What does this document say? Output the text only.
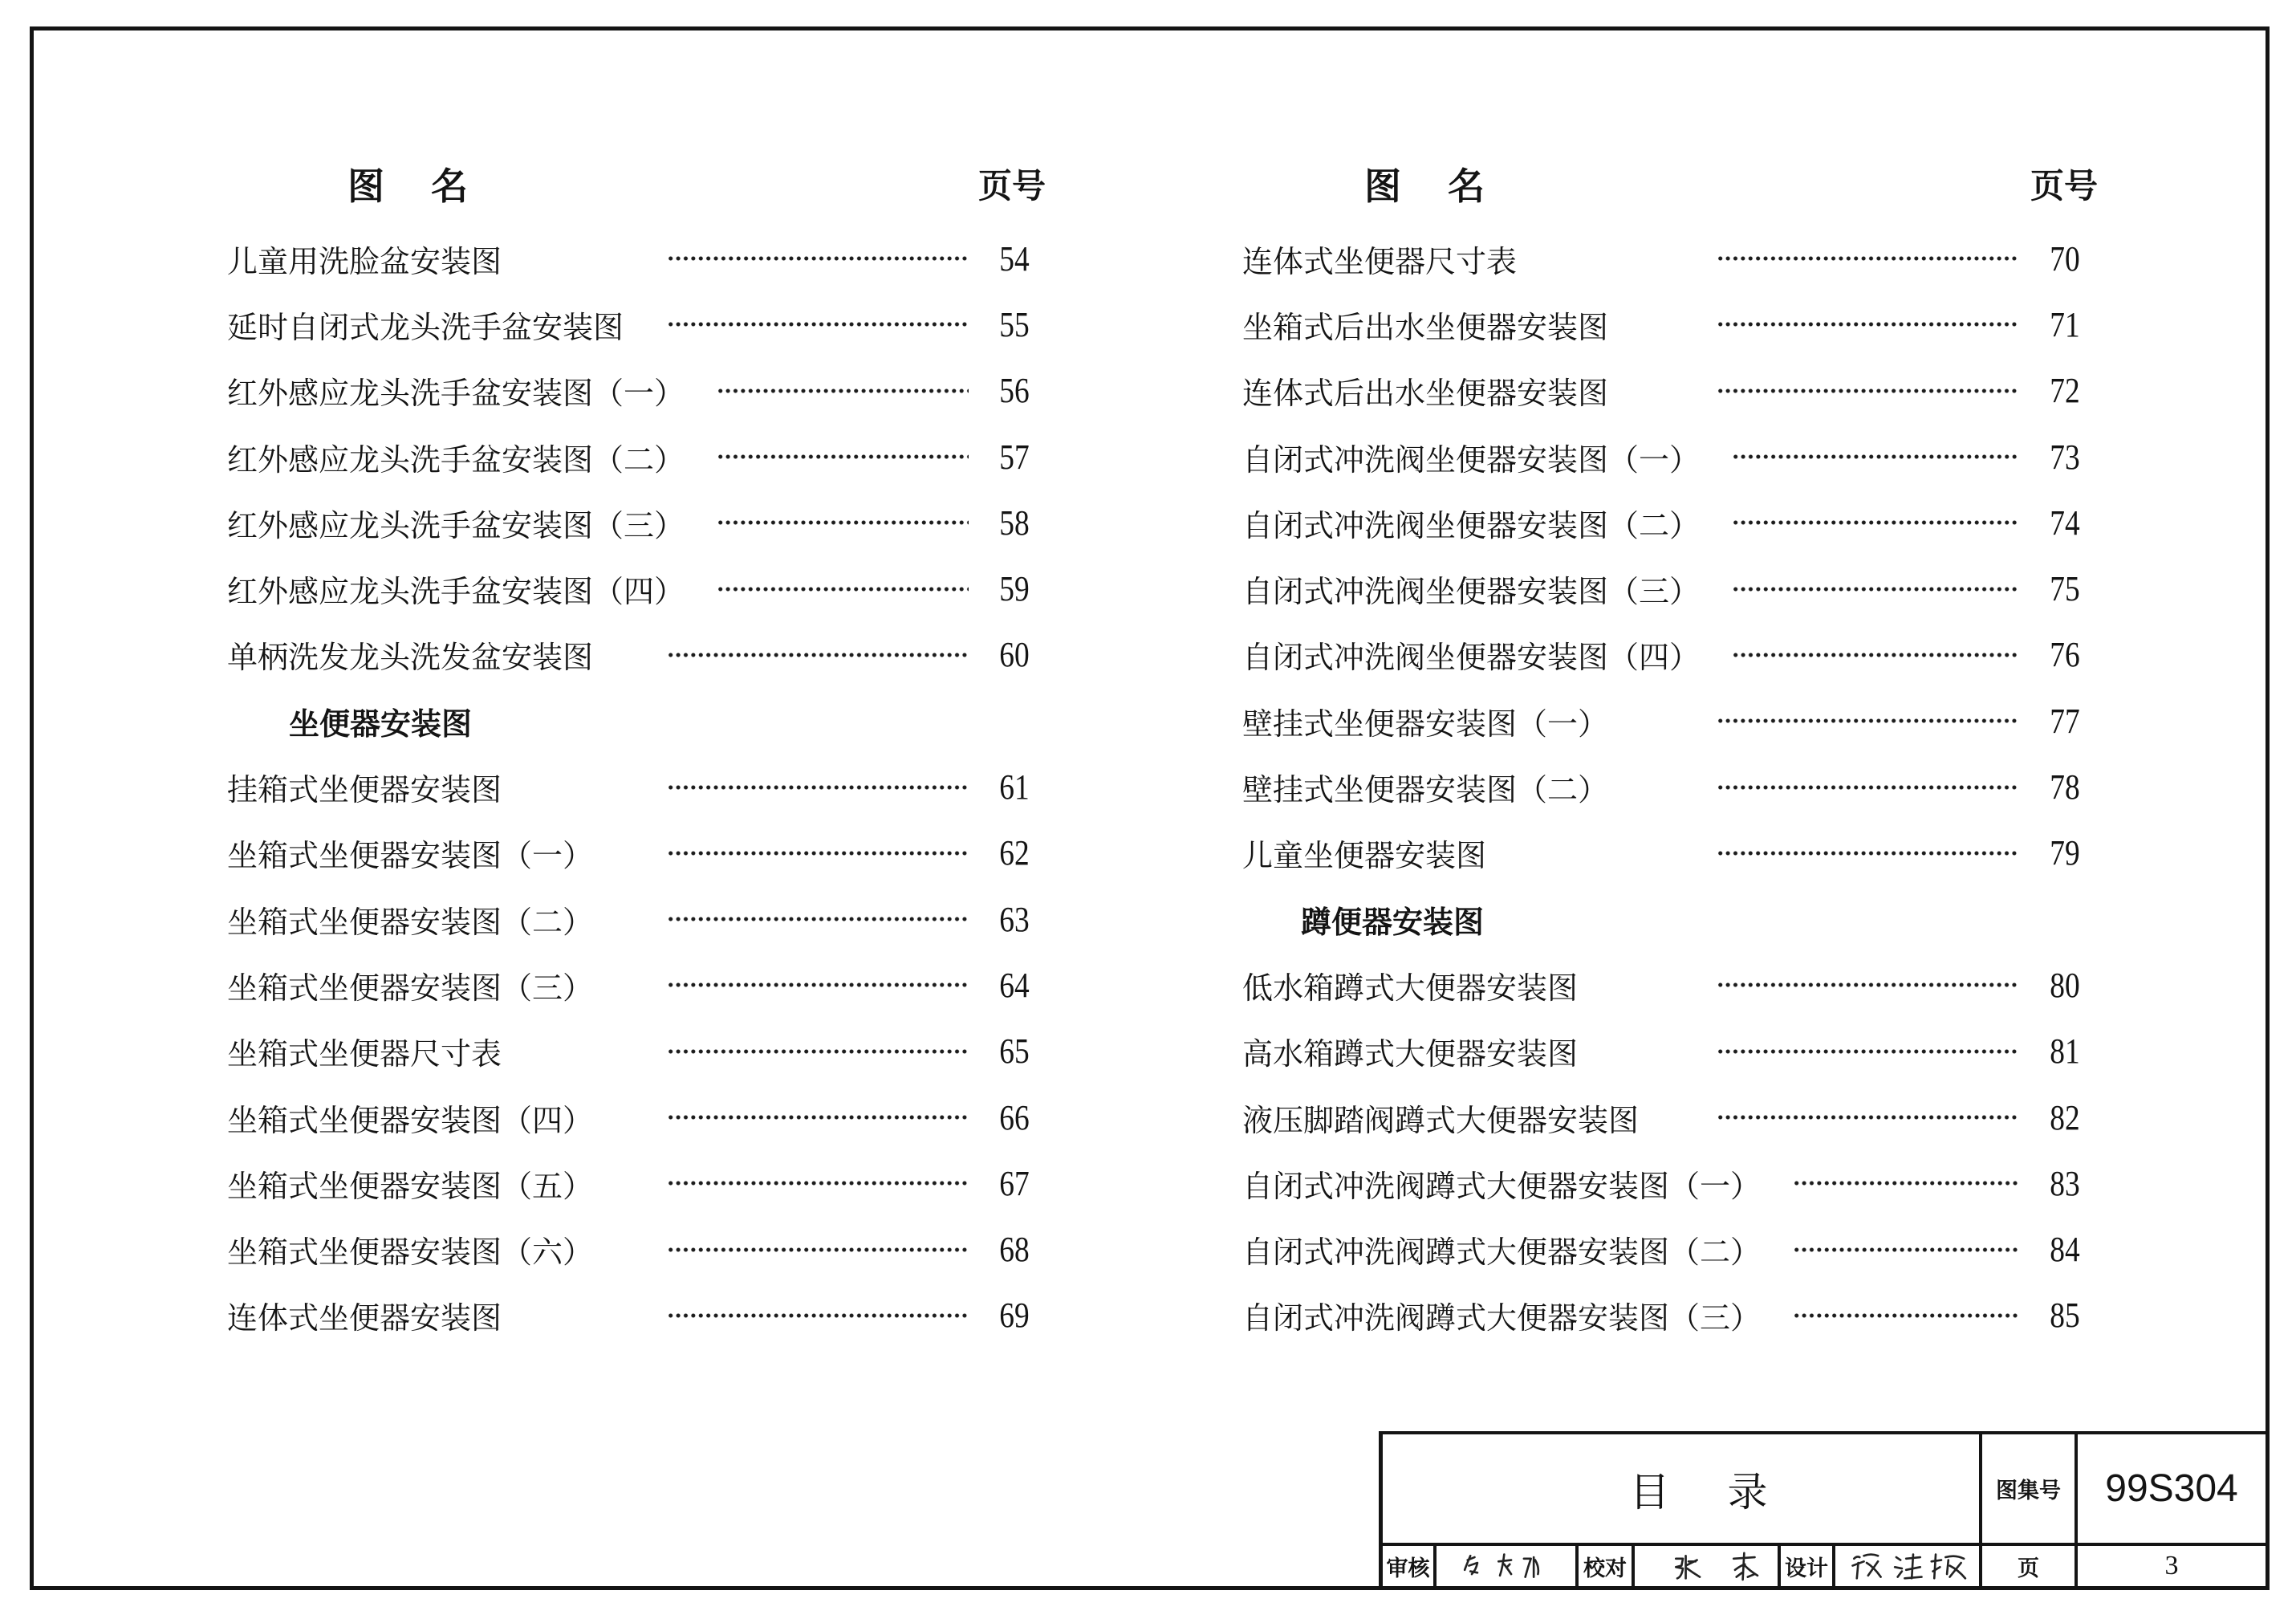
图 名	页号	图 名	页号
儿童用洗脸盆安装图	54
延时自闭式龙头洗手盆安装图	55
红外感应龙头洗手盆安装图（一）	56
红外感应龙头洗手盆安装图（二）	57
红外感应龙头洗手盆安装图（三）	58
红外感应龙头洗手盆安装图（四）	59
单柄洗发龙头洗发盆安装图	60
坐便器安装图
挂箱式坐便器安装图	61
坐箱式坐便器安装图（一）	62
坐箱式坐便器安装图（二）	63
坐箱式坐便器安装图（三）	64
坐箱式坐便器尺寸表	65
坐箱式坐便器安装图（四）	66
坐箱式坐便器安装图（五）	67
坐箱式坐便器安装图（六）	68
连体式坐便器安装图	69
连体式坐便器尺寸表	70
坐箱式后出水坐便器安装图	71
连体式后出水坐便器安装图	72
自闭式冲洗阀坐便器安装图（一）	73
自闭式冲洗阀坐便器安装图（二）	74
自闭式冲洗阀坐便器安装图（三）	75
自闭式冲洗阀坐便器安装图（四）	76
壁挂式坐便器安装图（一）	77
壁挂式坐便器安装图（二）	78
儿童坐便器安装图	79
蹲便器安装图
低水箱蹲式大便器安装图	80
高水箱蹲式大便器安装图	81
液压脚踏阀蹲式大便器安装图	82
自闭式冲洗阀蹲式大便器安装图（一）	83
自闭式冲洗阀蹲式大便器安装图（二）	84
自闭式冲洗阀蹲式大便器安装图（三）	85
目 录	图集号	99S304
审核	校对	设计	页	3
